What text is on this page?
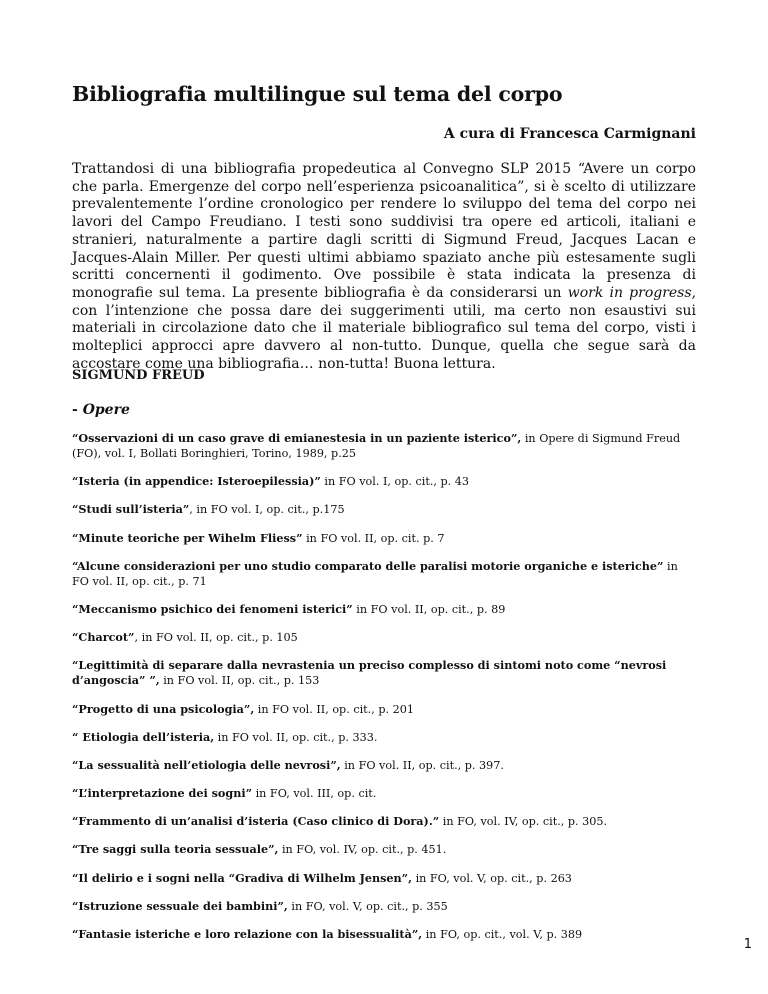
Bibliografia multilingue sul tema del corpo

A cura di Francesca Carmignani

Trattandosi di una bibliografia propedeutica al Convegno SLP 2015 “Avere un corpo che parla. Emergenze del corpo nell’esperienza psicoanalitica”, si è scelto di utilizzare prevalentemente l’ordine cronologico per rendere lo sviluppo del tema del corpo nei lavori del Campo Freudiano. I testi sono suddivisi tra opere ed articoli, italiani e stranieri, naturalmente a partire dagli scritti di Sigmund Freud, Jacques Lacan e Jacques-Alain Miller. Per questi ultimi abbiamo spaziato anche più estesamente sugli scritti concernenti il godimento. Ove possibile è stata indicata la presenza di monografie sul tema. La presente bibliografia è da considerarsi un work in progress, con l’intenzione che possa dare dei suggerimenti utili, ma certo non esaustivi sui materiali in circolazione dato che il materiale bibliografico sul tema del corpo, visti i molteplici approcci apre davvero al non-tutto. Dunque, quella che segue sarà da accostare come una bibliografia… non-tutta! Buona lettura.

SIGMUND FREUD

- Opere

“Osservazioni di un caso grave di emianestesia in un paziente isterico”, in Opere di Sigmund Freud (FO), vol. I, Bollati Boringhieri, Torino, 1989, p.25

“Isteria (in appendice: Isteroepilessia)” in FO vol. I, op. cit., p. 43

“Studi sull’isteria”, in FO vol. I, op. cit., p.175

“Minute teoriche per Wihelm Fliess” in FO vol. II, op. cit. p. 7

“Alcune considerazioni per uno studio comparato delle paralisi motorie organiche e isteriche” in FO vol. II, op. cit., p. 71

“Meccanismo psichico dei fenomeni isterici” in FO vol. II, op. cit., p. 89

“Charcot”, in FO vol. II, op. cit., p. 105

“Legittimità di separare dalla nevrastenia un preciso complesso di sintomi noto come “nevrosi d’angoscia” ”, in FO vol. II, op. cit., p. 153

“Progetto di una psicologia”, in FO vol. II, op. cit., p. 201

“ Etiologia dell’isteria, in FO vol. II, op. cit., p. 333.

“La sessualità nell’etiologia delle nevrosi”, in FO vol. II, op. cit., p. 397.

“L’interpretazione dei sogni” in FO, vol. III, op. cit.

“Frammento di un’analisi d’isteria (Caso clinico di Dora).” in FO, vol. IV, op. cit., p. 305.

“Tre saggi sulla teoria sessuale”, in FO, vol. IV, op. cit., p. 451.

“Il delirio e i sogni nella “Gradiva di Wilhelm Jensen”, in FO, vol. V, op. cit., p. 263

“Istruzione sessuale dei bambini”, in FO, vol. V, op. cit., p. 355

“Fantasie isteriche e loro relazione con la bisessualità”, in FO, op. cit., vol. V, p. 389

1
